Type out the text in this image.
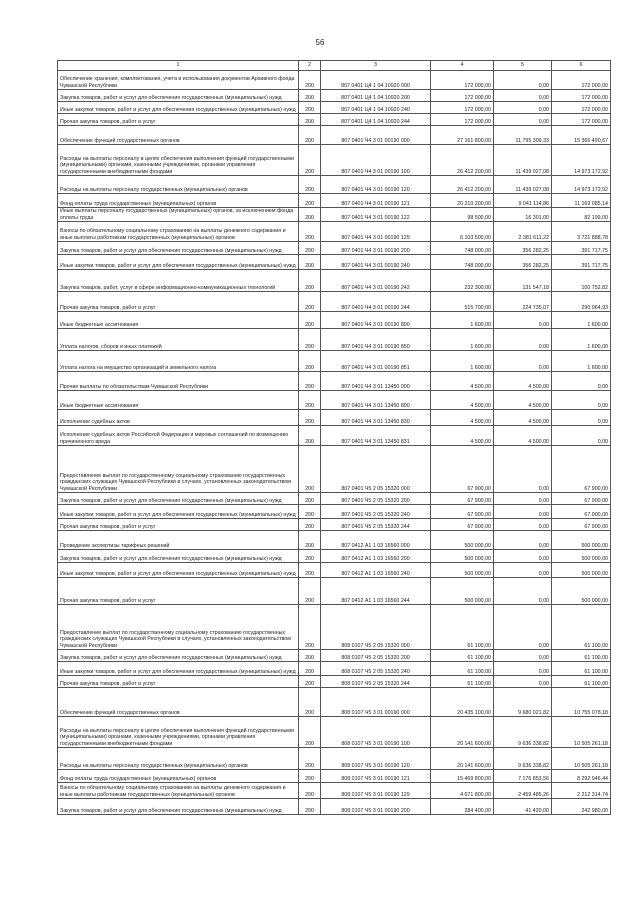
56
1	2	3	4	5	6
Обеспечение хранения, комплектования, учета и использования документов Архивного фонда Чувашской Республики	200	807 0401 Ц4 1 04 10920 000	172 000,00	0,00	172 000,00
Закупка товаров, работ и услуг для обеспечения государственных (муниципальных) нужд	200	807 0401 Ц4 1 04 10920 200	172 000,00	0,00	172 000,00
Иные закупки товаров, работ и услуг для обеспечения государственных (муниципальных) нужд	200	807 0401 Ц4 1 04 10920 240	172 000,00	0,00	172 000,00
Прочая закупка товаров, работ и услуг	200	807 0401 Ц4 1 04 10920 244	172 000,00	0,00	172 000,00
Обеспечение функций государственных органов	200	807 0401 Ч4 3 01 00190 000	27 161 800,00	11 795 309,33	15 366 490,67
Расходы на выплаты персоналу в целях обеспечения выполнения функций государственными (муниципальными) органами, казенными учреждениями, органами управления государственными внебюджетными фондами	200	807 0401 Ч4 3 01 00190 100	26 412 200,00	11 439 027,08	14 973 172,92
Расходы на выплаты персоналу государственных (муниципальных) органов	200	807 0401 Ч4 3 01 00190 120	26 412 200,00	11 439 027,08	14 973 172,92
Фонд оплаты труда государственных (муниципальных) органов	200	807 0401 Ч4 3 01 00190 121	20 210 200,00	9 041 114,86	11 169 085,14
Иные выплаты персоналу государственных (муниципальных) органов, за исключением фонда оплаты труда	200	807 0401 Ч4 3 01 00190 122	98 500,00	16 301,00	82 199,00
Взносы по обязательному социальному страхованию на выплаты денежного содержания и иные выплаты работникам государственных (муниципальных) органов	200	807 0401 Ч4 3 01 00190 129	6 103 500,00	2 381 611,22	3 721 888,78
Закупка товаров, работ и услуг для обеспечения государственных (муниципальных) нужд	200	807 0401 Ч4 3 01 00190 200	748 000,00	356 282,25	391 717,75
Иные закупки товаров, работ и услуг для обеспечения государственных (муниципальных) нужд	200	807 0401 Ч4 3 01 00190 240	748 000,00	356 282,25	391 717,75
Закупка товаров, работ, услуг в сфере информационно-коммуникационных технологий	200	807 0401 Ч4 3 01 00190 242	232 300,00	131 547,18	100 752,82
Прочая закупка товаров, работ и услуг	200	807 0401 Ч4 3 01 00190 244	515 700,00	224 735,07	290 964,93
Иные бюджетные ассигнования	200	807 0401 Ч4 3 01 00190 800	1 600,00	0,00	1 600,00
Уплата налогов, сборов и иных платежей	200	807 0401 Ч4 3 01 00190 850	1 600,00	0,00	1 600,00
Уплата налога на имущество организаций и земельного налога	200	807 0401 Ч4 3 01 00190 851	1 600,00	0,00	1 600,00
Прочие выплаты по обязательствам Чувашской Республики	200	807 0401 Ч4 3 01 13450 000	4 500,00	4 500,00	0,00
Иные бюджетные ассигнования	200	807 0401 Ч4 3 01 13450 800	4 500,00	4 500,00	0,00
Исполнение судебных актов	200	807 0401 Ч4 3 01 13450 830	4 500,00	4 500,00	0,00
Исполнение судебных актов Российской Федерации и мировых соглашений по возмещению причиненного вреда	200	807 0401 Ч4 3 01 13450 831	4 500,00	4 500,00	0,00
Предоставление выплат по государственному социальному страхованию государственных гражданских служащих Чувашской Республики в случаях, установленных законодательством Чувашской Республики	200	807 0401 Ч5 2 05 15320 000	67 900,00	0,00	67 900,00
Закупка товаров, работ и услуг для обеспечения государственных (муниципальных) нужд	200	807 0401 Ч5 2 05 15320 200	67 900,00	0,00	67 900,00
Иные закупки товаров, работ и услуг для обеспечения государственных (муниципальных) нужд	200	807 0401 Ч5 2 05 15320 240	67 900,00	0,00	67 900,00
Прочая закупка товаров, работ и услуг	200	807 0401 Ч5 2 05 15320 244	67 900,00	0,00	67 900,00
Проведение экспертизы тарифных решений	200	807 0412 А1 1 03 16560 000	500 000,00	0,00	500 000,00
Закупка товаров, работ и услуг для обеспечения государственных (муниципальных) нужд	200	807 0412 А1 1 03 16560 200	500 000,00	0,00	500 000,00
Иные закупки товаров, работ и услуг для обеспечения государственных (муниципальных) нужд	200	807 0412 А1 1 03 16560 240	500 000,00	0,00	500 000,00
Прочая закупка товаров, работ и услуг	200	807 0412 А1 1 03 16560 244	500 000,00	0,00	500 000,00
Предоставление выплат по государственному социальному страхованию государственных гражданских служащих Чувашской Республики в случаях, установленных законодательством Чувашской Республики	200	808 0107 Ч5 2 05 15320 000	61 100,00	0,00	61 100,00
Закупка товаров, работ и услуг для обеспечения государственных (муниципальных) нужд	200	808 0107 Ч5 2 05 15320 200	61 100,00	0,00	61 100,00
Иные закупки товаров, работ и услуг для обеспечения государственных (муниципальных) нужд	200	808 0107 Ч5 2 05 15320 240	61 100,00	0,00	61 100,00
Прочая закупка товаров, работ и услуг	200	808 0107 Ч5 2 05 15320 244	61 100,00	0,00	61 100,00
Обеспечение функций государственных органов	200	808 0107 Ч5 3 01 00190 000	20 435 100,00	9 680 021,82	10 755 078,18
Расходы на выплаты персоналу в целях обеспечения выполнения функций государственными (муниципальными) органами, казенными учреждениями, органами управления государственными внебюджетными фондами	200	808 0107 Ч5 3 01 00190 100	20 141 600,00	9 636 338,82	10 505 261,18
Расходы на выплаты персоналу государственных (муниципальных) органов	200	808 0107 Ч5 3 01 00190 120	20 141 600,00	9 636 338,82	10 505 261,18
Фонд оплаты труда государственных (муниципальных) органов	200	808 0107 Ч5 3 01 00190 121	15 469 800,00	7 176 853,56	8 292 946,44
Взносы по обязательному социальному страхованию на выплаты денежного содержания и иные выплаты работникам государственных (муниципальных) органов	200	808 0107 Ч5 3 01 00190 129	4 671 800,00	2 459 485,26	2 212 314,74
Закупка товаров, работ и услуг для обеспечения государственных (муниципальных) нужд	200	808 0107 Ч5 3 01 00190 200	284 400,00	41 420,00	242 980,00
